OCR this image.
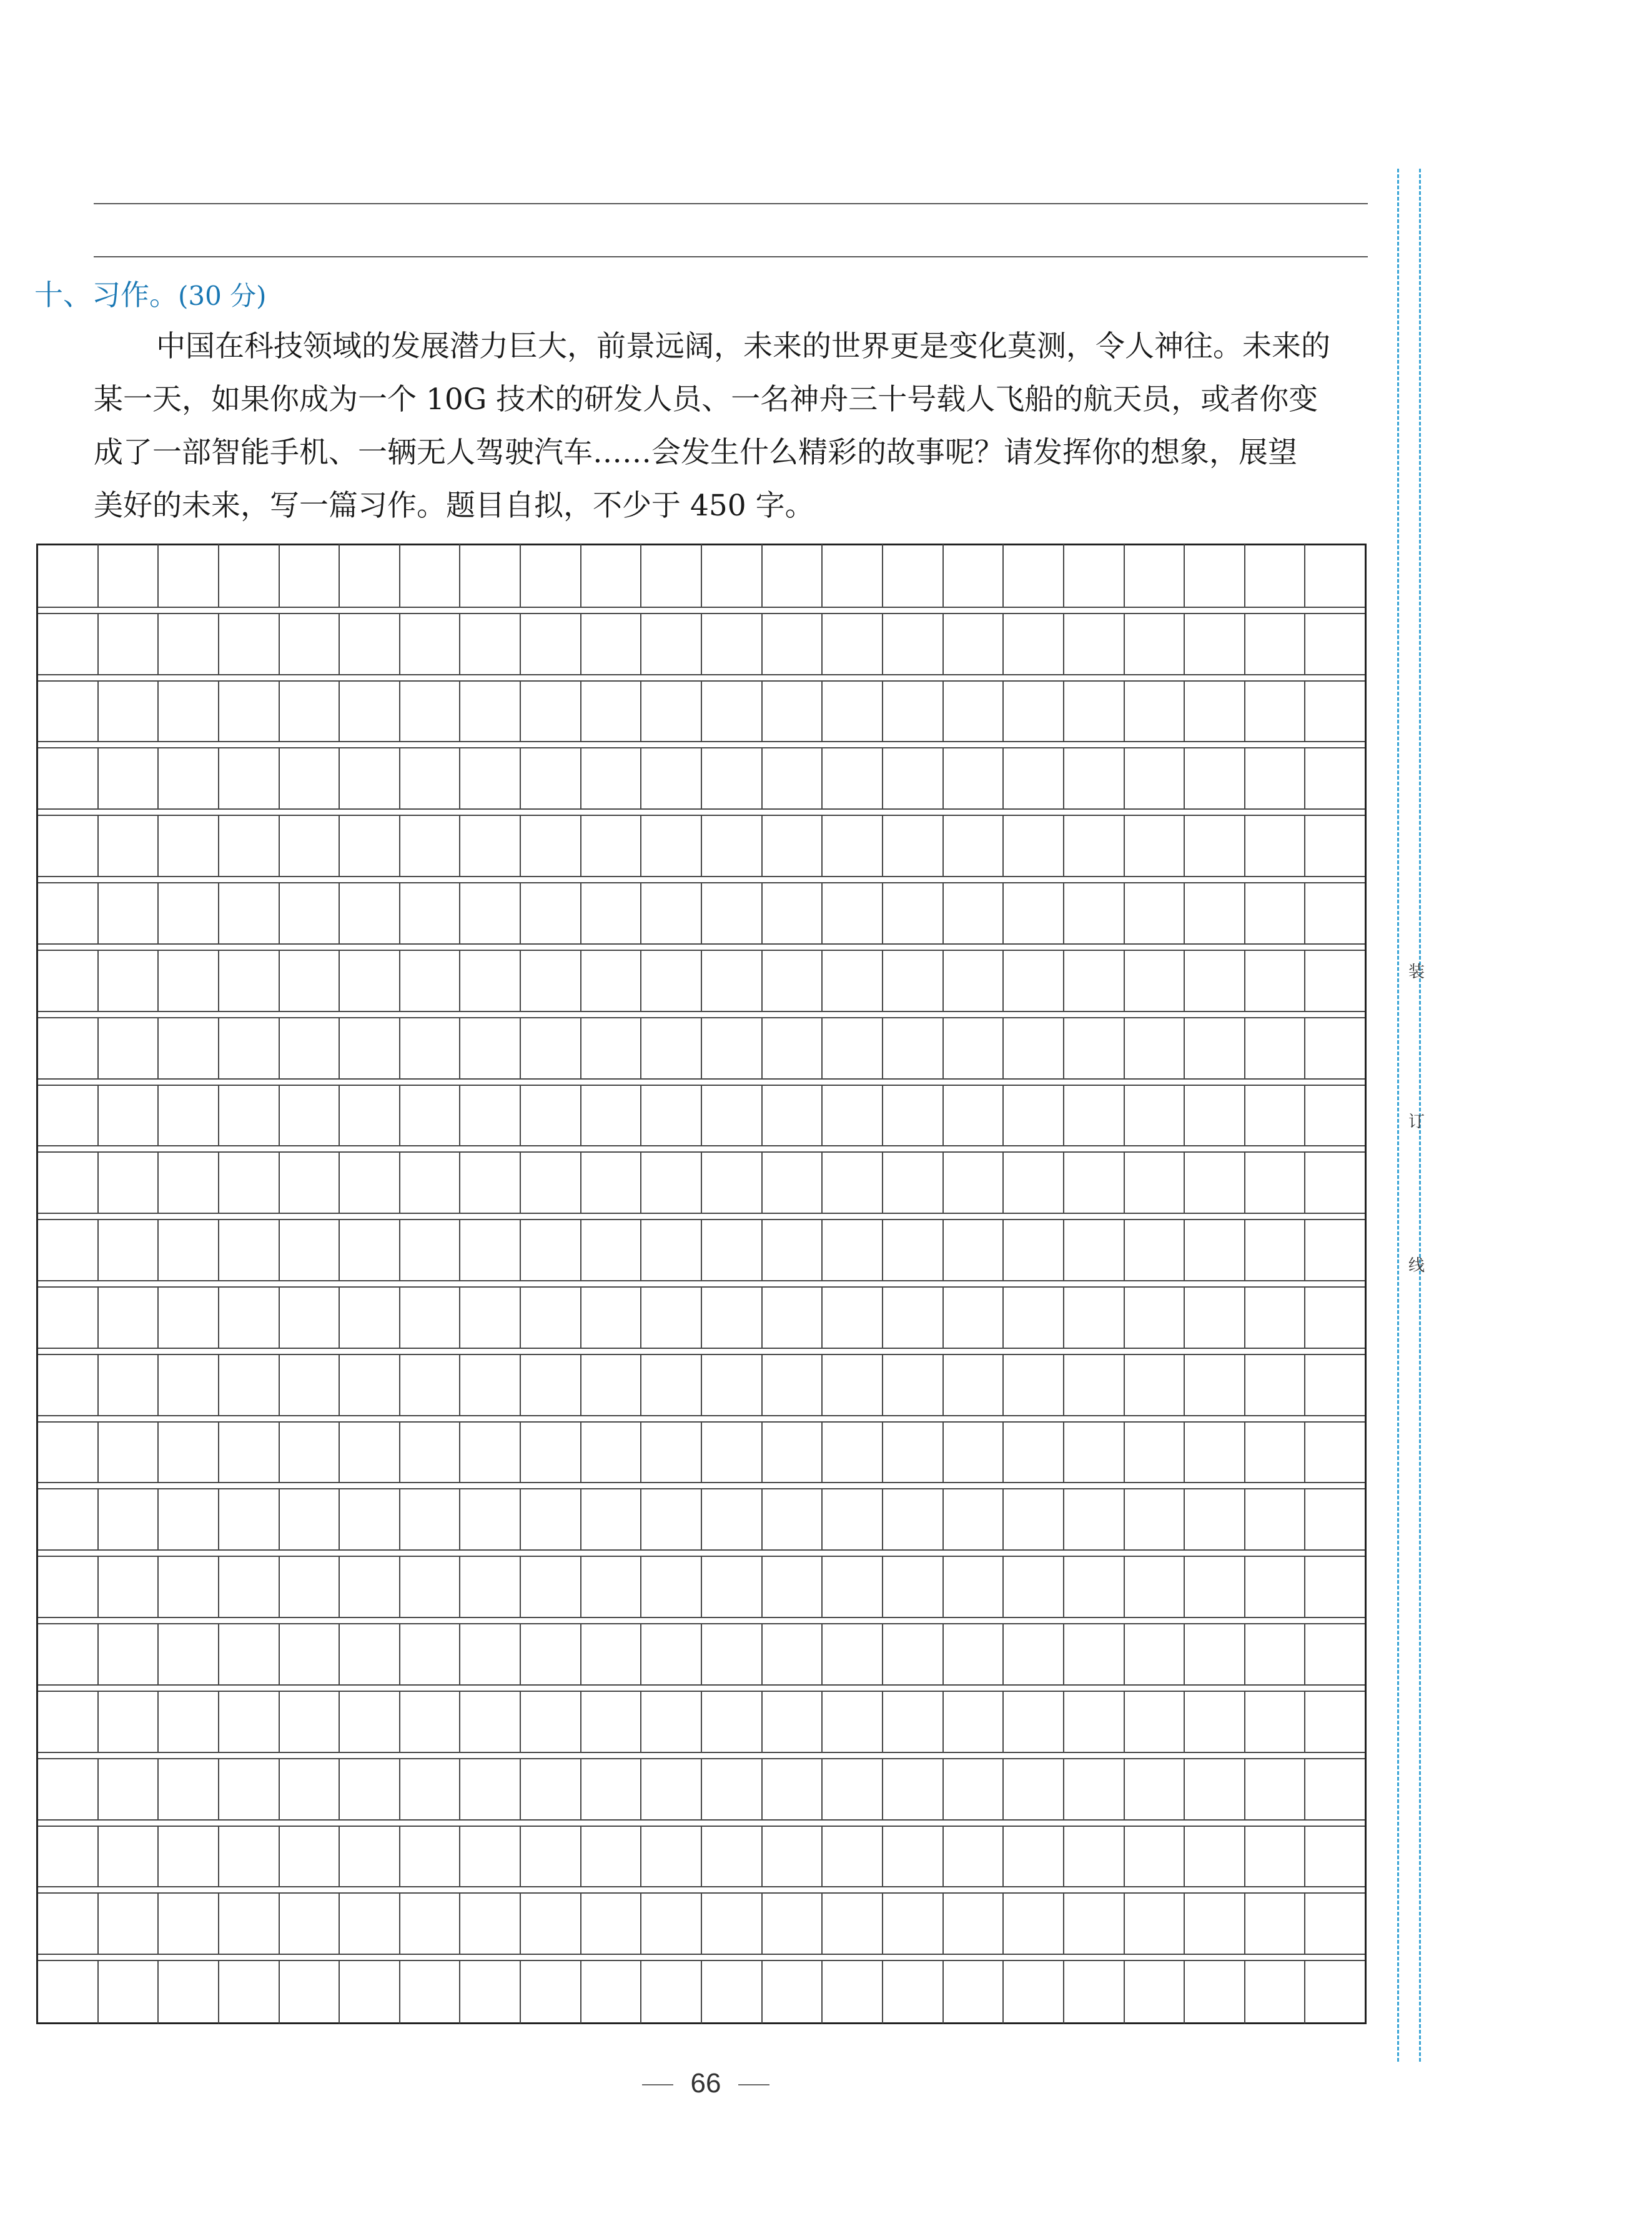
十、习作。(30 分)
中国在科技领域的发展潜力巨大，前景远阔，未来的世界更是变化莫测，令人神往。未来的
某一天，如果你成为一个 10G 技术的研发人员、一名神舟三十号载人飞船的航天员，或者你变
成了一部智能手机、一辆无人驾驶汽车……会发生什么精彩的故事呢？请发挥你的想象，展望
美好的未来，写一篇习作。题目自拟，不少于 450 字。
装
订
线
66
